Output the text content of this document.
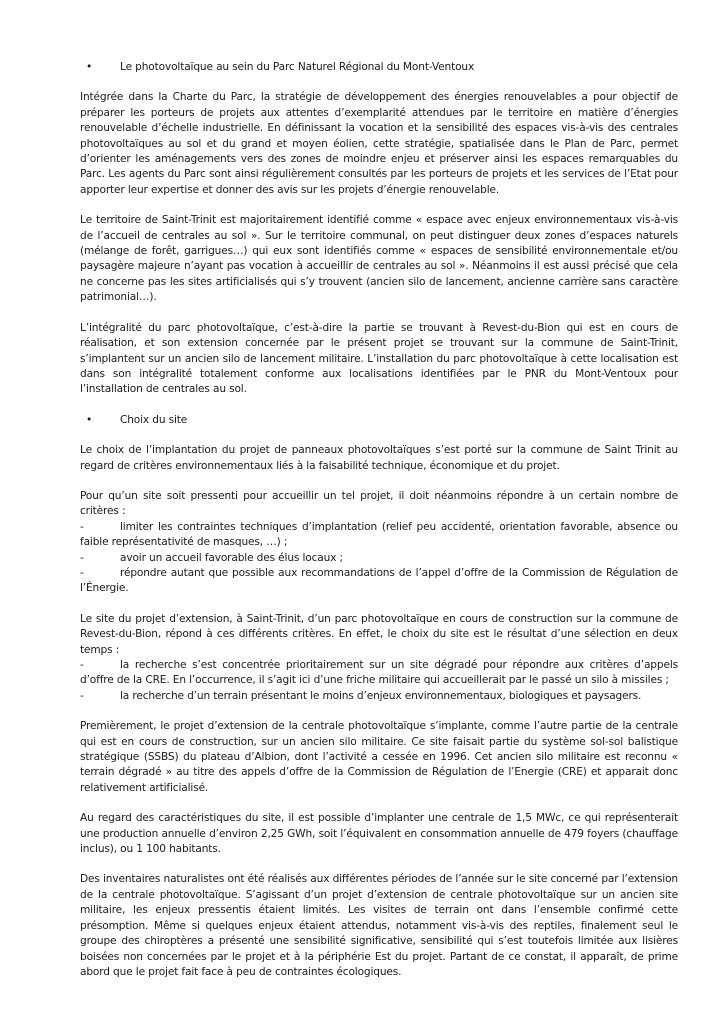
•	Le photovoltaïque au sein du Parc Naturel Régional du Mont-Ventoux

Intégrée dans la Charte du Parc, la stratégie de développement des énergies renouvelables a pour objectif de préparer les porteurs de projets aux attentes d’exemplarité attendues par le territoire en matière d’énergies renouvelable d’échelle industrielle. En définissant la vocation et la sensibilité des espaces vis-à-vis des centrales photovoltaïques au sol et du grand et moyen éolien, cette stratégie, spatialisée dans le Plan de Parc, permet d’orienter les aménagements vers des zones de moindre enjeu et préserver ainsi les espaces remarquables du Parc. Les agents du Parc sont ainsi régulièrement consultés par les porteurs de projets et les services de l’Etat pour apporter leur expertise et donner des avis sur les projets d’énergie renouvelable.

Le territoire de Saint-Trinit est majoritairement identifié comme « espace avec enjeux environnementaux vis-à-vis de l’accueil de centrales au sol ». Sur le territoire communal, on peut distinguer deux zones d’espaces naturels (mélange de forêt, garrigues…) qui eux sont identifiés comme « espaces de sensibilité environnementale et/ou paysagère majeure n’ayant pas vocation à accueillir de centrales au sol ». Néanmoins il est aussi précisé que cela ne concerne pas les sites artificialisés qui s’y trouvent (ancien silo de lancement, ancienne carrière sans caractère patrimonial…).

L’intégralité du parc photovoltaïque, c’est-à-dire la partie se trouvant à Revest-du-Bion qui est en cours de réalisation, et son extension concernée par le présent projet se trouvant sur la commune de Saint-Trinit, s’implantent sur un ancien silo de lancement militaire. L’installation du parc photovoltaïque à cette localisation est dans son intégralité totalement conforme aux localisations identifiées par le PNR du Mont-Ventoux pour l’installation de centrales au sol.

•	Choix du site

Le choix de l’implantation du projet de panneaux photovoltaïques s’est porté sur la commune de Saint Trinit au regard de critères environnementaux liés à la faisabilité technique, économique et du projet.

Pour qu’un site soit pressenti pour accueillir un tel projet, il doit néanmoins répondre à un certain nombre de critères :
-	limiter les contraintes techniques d’implantation (relief peu accidenté, orientation favorable, absence ou faible représentativité de masques, …) ;
-	avoir un accueil favorable des élus locaux ;
-	répondre autant que possible aux recommandations de l’appel d’offre de la Commission de Régulation de l’Énergie.
Le site du projet d’extension, à Saint-Trinit, d’un parc photovoltaïque en cours de construction sur la commune de Revest-du-Bion, répond à ces différents critères. En effet, le choix du site est le résultat d’une sélection en deux temps :
-	la recherche s’est concentrée prioritairement sur un site dégradé pour répondre aux critères d’appels d’offre de la CRE. En l’occurrence, il s’agit ici d’une friche militaire qui accueillerait par le passé un silo à missiles ;
-	la recherche d’un terrain présentant le moins d’enjeux environnementaux, biologiques et paysagers.

Premièrement, le projet d’extension de la centrale photovoltaïque s’implante, comme l’autre partie de la centrale qui est en cours de construction, sur un ancien silo militaire. Ce site faisait partie du système sol-sol balistique stratégique (SSBS) du plateau d’Albion, dont l’activité a cessée en 1996. Cet ancien silo militaire est reconnu « terrain dégradé » au titre des appels d’offre de la Commission de Régulation de l’Energie (CRE) et apparait donc relativement artificialisé.

Au regard des caractéristiques du site, il est possible d’implanter une centrale de 1,5 MWc, ce qui représenterait une production annuelle d’environ 2,25 GWh, soit l’équivalent en consommation annuelle de 479 foyers (chauffage inclus), ou 1 100 habitants.

Des inventaires naturalistes ont été réalisés aux différentes périodes de l’année sur le site concerné par l’extension de la centrale photovoltaïque. S’agissant d’un projet d’extension de centrale photovoltaïque sur un ancien site militaire, les enjeux pressentis étaient limités. Les visites de terrain ont dans l’ensemble confirmé cette présomption. Même si quelques enjeux étaient attendus, notamment vis-à-vis des reptiles, finalement seul le groupe des chiroptères a présenté une sensibilité significative, sensibilité qui s’est toutefois limitée aux lisières boisées non concernées par le projet et à la périphérie Est du projet. Partant de ce constat, il apparaît, de prime abord que le projet fait face à peu de contraintes écologiques.
